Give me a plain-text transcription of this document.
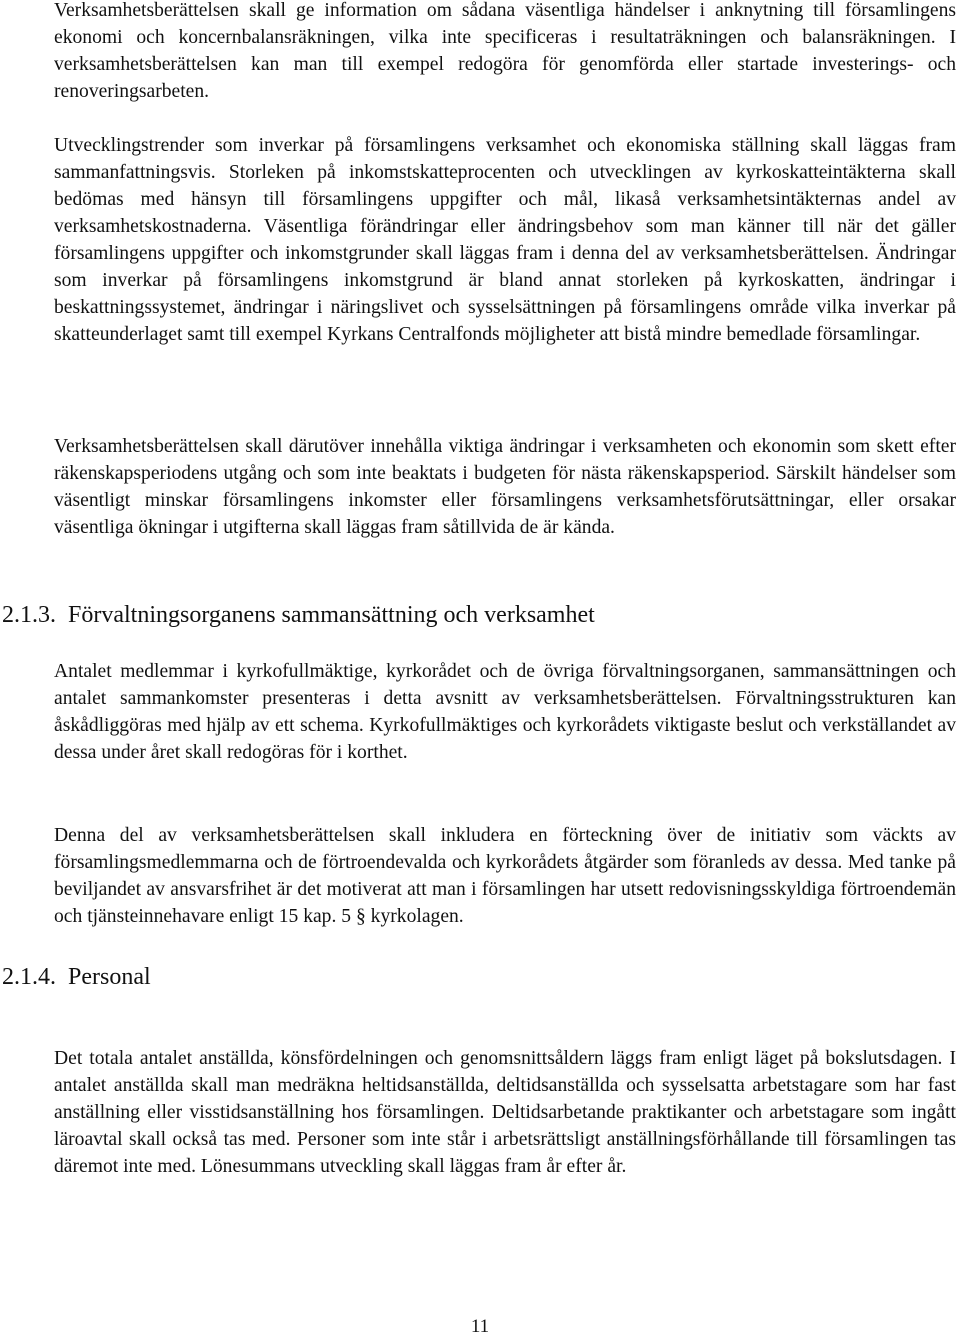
Verksamhetsberättelsen skall ge information om sådana väsentliga händelser i anknytning till församlingens ekonomi och koncernbalansräkningen, vilka inte specificeras i resultaträkningen och balansräkningen. I verksamhetsberättelsen kan man till exempel redogöra för genomförda eller startade investerings- och renoveringsarbeten.

Utvecklingstrender som inverkar på församlingens verksamhet och ekonomiska ställning skall läggas fram sammanfattningsvis. Storleken på inkomstskatteprocenten och utvecklingen av kyrkoskatteintäkterna skall bedömas med hänsyn till församlingens uppgifter och mål, likaså verksamhetsintäkternas andel av verksamhetskostnaderna. Väsentliga förändringar eller ändringsbehov som man känner till när det gäller församlingens uppgifter och inkomstgrunder skall läggas fram i denna del av verksamhetsberättelsen. Ändringar som inverkar på församlingens inkomstgrund är bland annat storleken på kyrkoskatten, ändringar i beskattningssystemet, ändringar i näringslivet och sysselsättningen på församlingens område vilka inverkar på skatteunderlaget samt till exempel Kyrkans Centralfonds möjligheter att bistå mindre bemedlade församlingar.

Verksamhetsberättelsen skall därutöver innehålla viktiga ändringar i verksamheten och ekonomin som skett efter räkenskapsperiodens utgång och som inte beaktats i budgeten för nästa räkenskapsperiod. Särskilt händelser som väsentligt minskar församlingens inkomster eller församlingens verksamhetsförutsättningar, eller orsakar väsentliga ökningar i utgifterna skall läggas fram såtillvida de är kända.

2.1.3. Förvaltningsorganens sammansättning och verksamhet

Antalet medlemmar i kyrkofullmäktige, kyrkorådet och de övriga förvaltningsorganen, sammansättningen och antalet sammankomster presenteras i detta avsnitt av verksamhetsberättelsen. Förvaltningsstrukturen kan åskådliggöras med hjälp av ett schema. Kyrkofullmäktiges och kyrkorådets viktigaste beslut och verkställandet av dessa under året skall redogöras för i korthet.

Denna del av verksamhetsberättelsen skall inkludera en förteckning över de initiativ som väckts av församlingsmedlemmarna och de förtroendevalda och kyrkorådets åtgärder som föranleds av dessa. Med tanke på beviljandet av ansvarsfrihet är det motiverat att man i församlingen har utsett redovisningsskyldiga förtroendemän och tjänsteinnehavare enligt 15 kap. 5 § kyrkolagen.

2.1.4. Personal

Det totala antalet anställda, könsfördelningen och genomsnittsåldern läggs fram enligt läget på bokslutsdagen. I antalet anställda skall man medräkna heltidsanställda, deltidsanställda och sysselsatta arbetstagare som har fast anställning eller visstidsanställning hos församlingen. Deltidsarbetande praktikanter och arbetstagare som ingått läroavtal skall också tas med. Personer som inte står i arbetsrättsligt anställningsförhållande till församlingen tas däremot inte med. Lönesummans utveckling skall läggas fram år efter år.

11
